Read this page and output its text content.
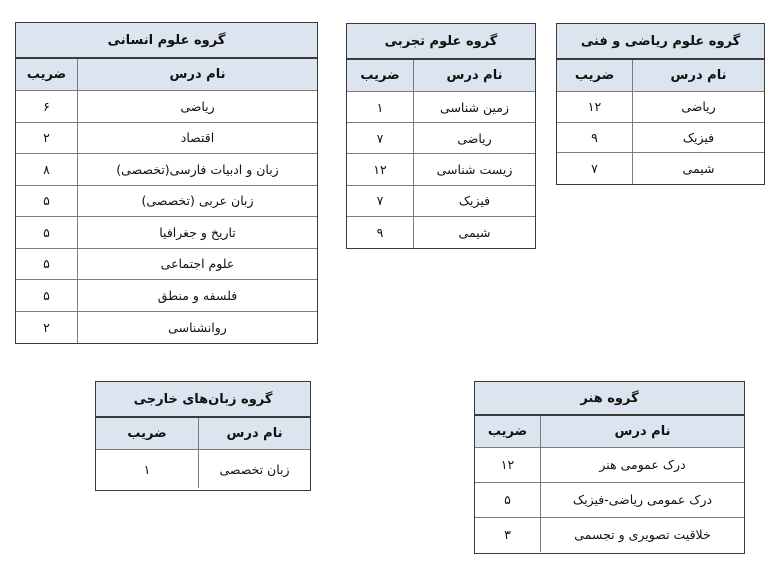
گروه علوم انسانی
نام درس
ضریب
ریاضی
۶
اقتصاد
۲
زبان و ادبیات فارسی(تخصصی)
۸
زبان عربی (تخصصی)
۵
تاریخ و جغرافیا
۵
علوم اجتماعی
۵
فلسفه و منطق
۵
روانشناسی
۲
گروه علوم تجربی
نام درس
ضریب
زمین شناسی
۱
ریاضی
۷
زیست شناسی
۱۲
فیزیک
۷
شیمی
۹
گروه علوم ریاضی و فنی
نام درس
ضریب
ریاضی
۱۲
فیزیک
۹
شیمی
۷
گروه زبان‌های خارجی
نام درس
ضریب
زبان تخصصی
۱
گروه هنر
نام درس
ضریب
درک عمومی هنر
۱۲
درک عمومی ریاضی-فیزیک
۵
خلاقیت تصویری و تجسمی
۳
